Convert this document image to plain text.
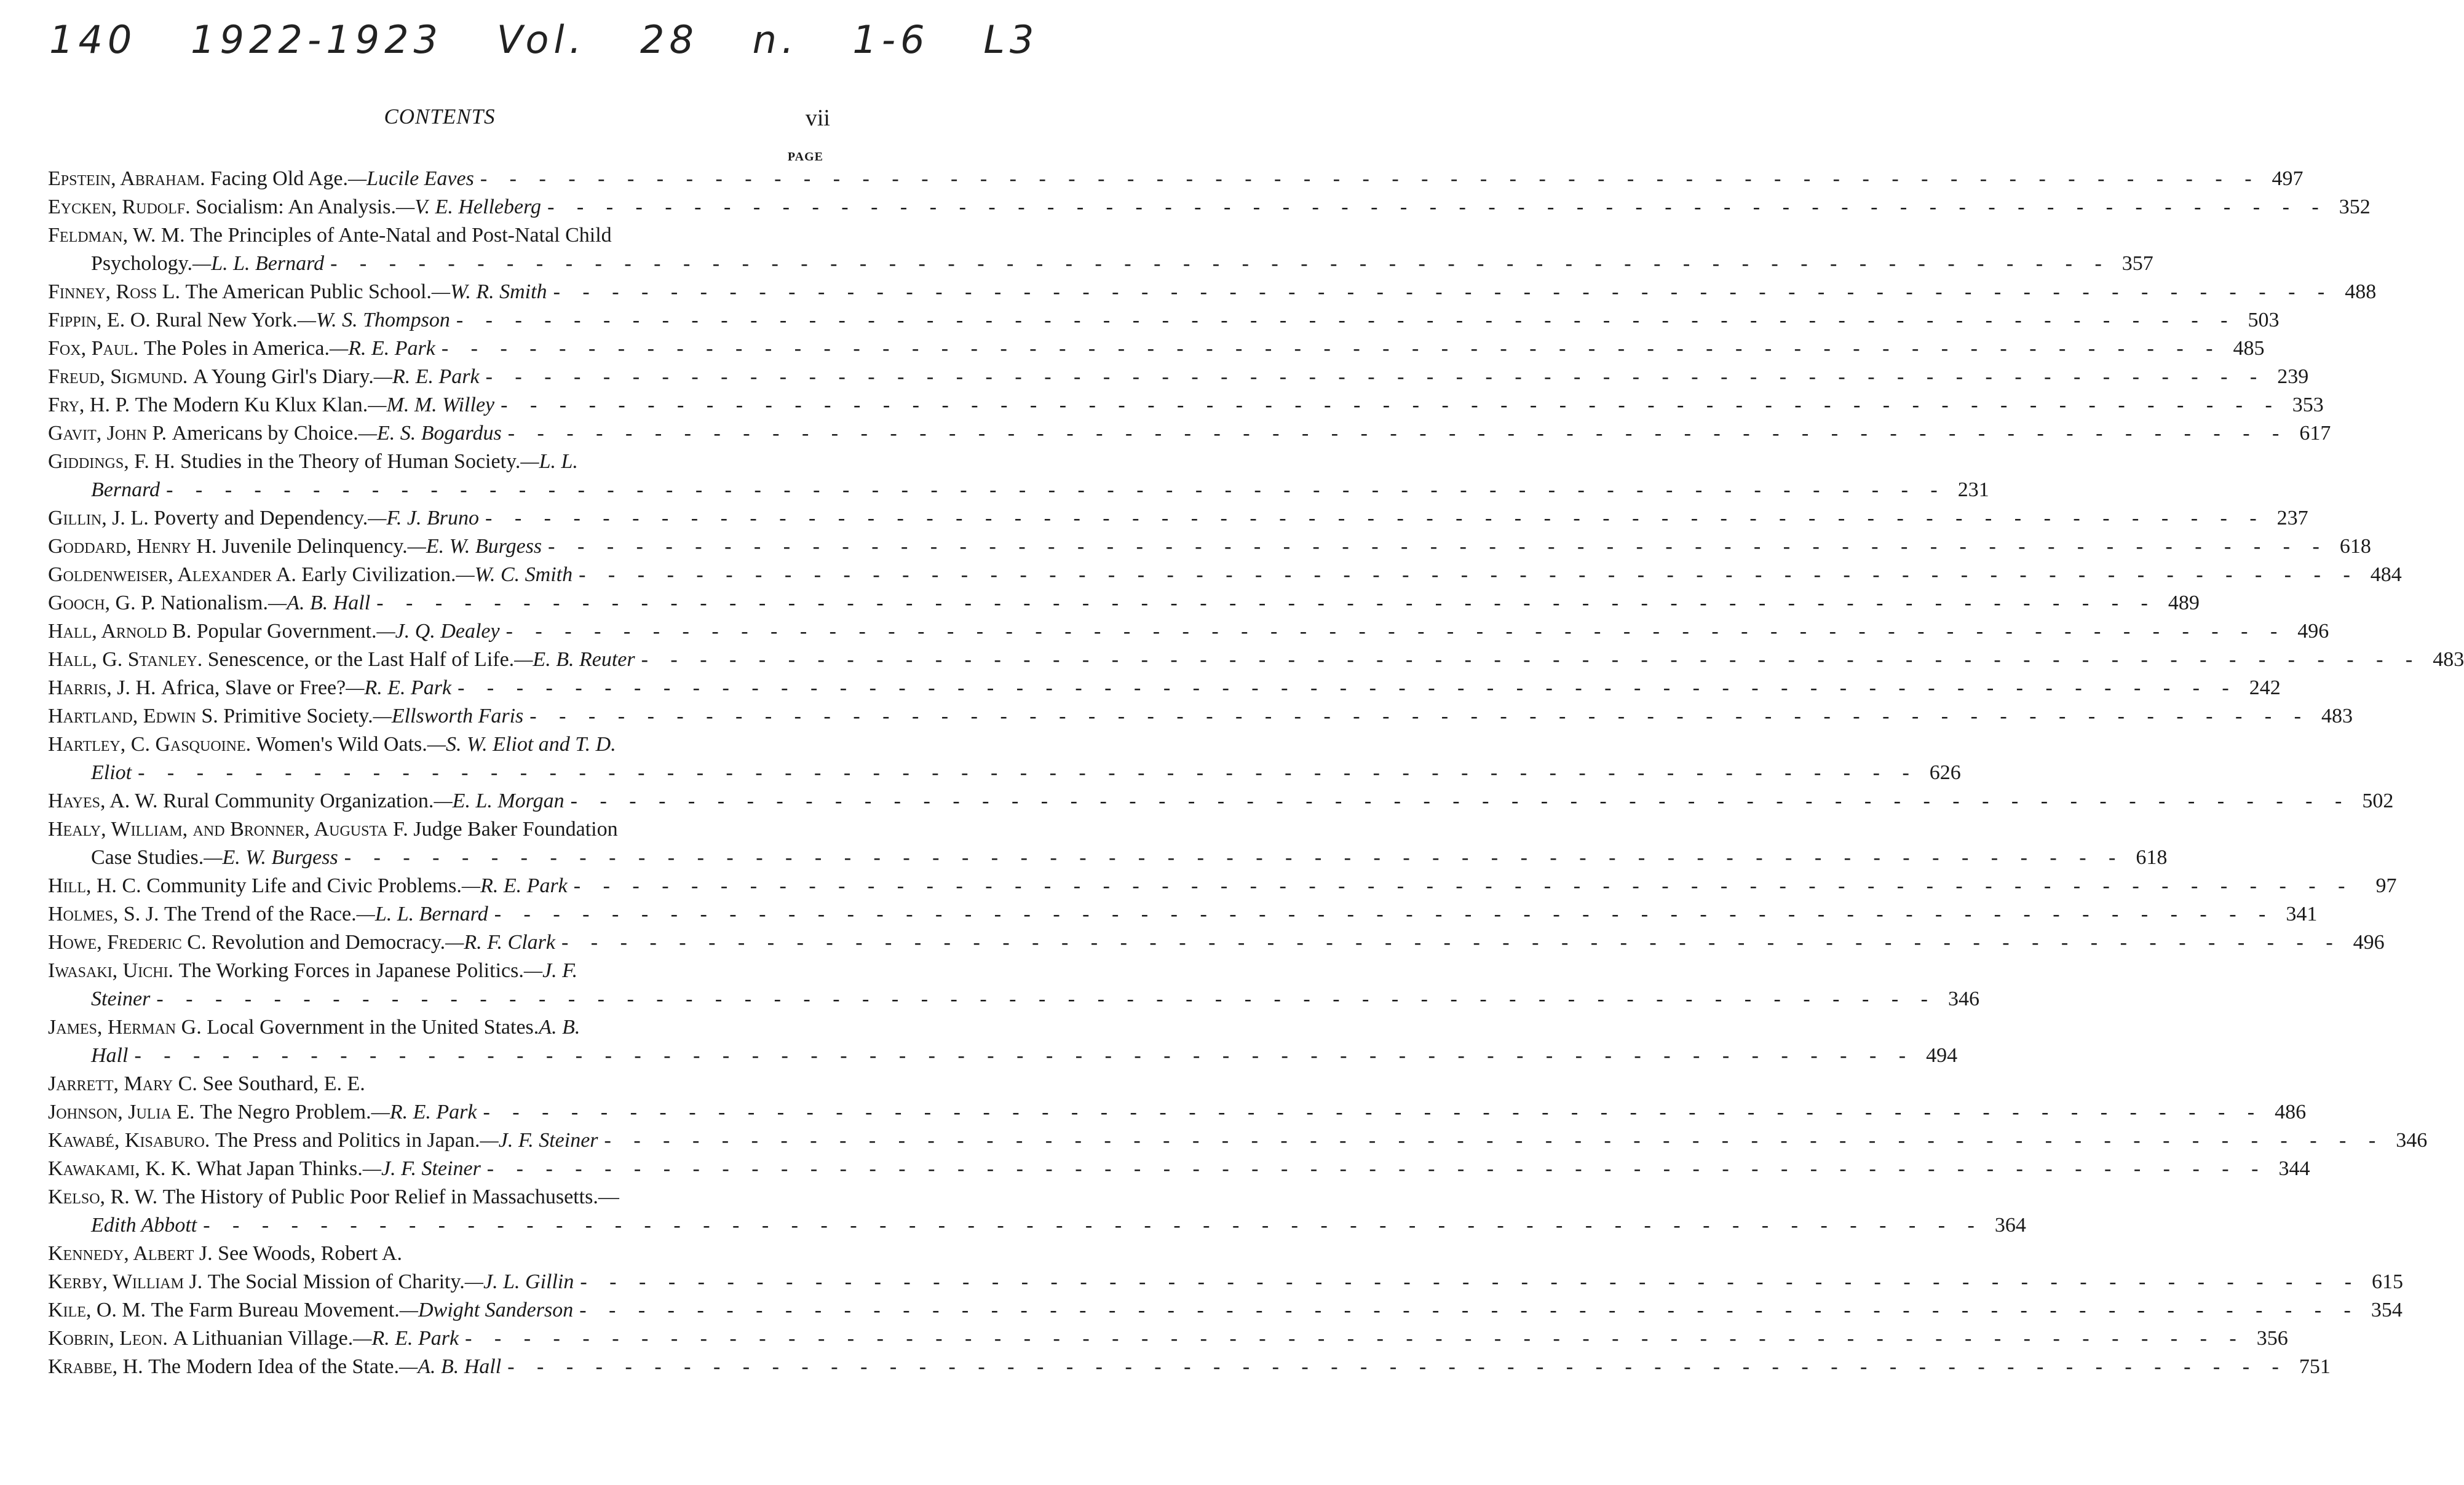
140 1922-1923 Vol. 28 n. 1-6 L3
CONTENTS	vii
PAGE
Epstein, Abraham.
Facing Old Age. —Lucile Eaves - - -	497
Eycken, Rudolf.
Socialism: An Analysis. —V. E. Helleberg - - -	352
Feldman, W. M.
The Principles of Ante-Natal and Post-Natal Child
Psychology. —L. L. Bernard - - -	357
Finney, Ross L.
The American Public School. —W. R. Smith - - -	488
Fippin, E. O.
Rural New York. —W. S. Thompson - - -	503
Fox, Paul.
The Poles in America. —R. E. Park - - -	485
Freud, Sigmund.
A Young Girl's Diary. —R. E. Park - - -	239
Fry, H. P.
The Modern Ku Klux Klan. —M. M. Willey - - -	353
Gavit, John P.
Americans by Choice. —E. S. Bogardus - - -	617
Giddings, F. H.
Studies in the Theory of Human Society. —L. L.
Bernard - - -	231
Gillin, J. L.
Poverty and Dependency. —F. J. Bruno - - -	237
Goddard, Henry H.
Juvenile Delinquency. —E. W. Burgess - - -	618
Goldenweiser, Alexander A.
Early Civilization. —W. C. Smith - - -	484
Gooch, G. P.
Nationalism. —A. B. Hall - - -	489
Hall, Arnold B.
Popular Government. —J. Q. Dealey - - -	496
Hall, G. Stanley.
Senescence, or the Last Half of Life. —E. B. Reuter - - -	483
Harris, J. H.
Africa, Slave or Free? —R. E. Park - - -	242
Hartland, Edwin S.
Primitive Society. —Ellsworth Faris - - -	483
Hartley, C. Gasquoine.
Women's Wild Oats. —S. W. Eliot and T. D.
Eliot - - -	626
Hayes, A. W.
Rural Community Organization. —E. L. Morgan - - -	502
Healy, William, and Bronner, Augusta F.
Judge Baker Foundation
Case Studies. —E. W. Burgess - - -	618
Hill, H. C.
Community Life and Civic Problems. —R. E. Park - - -	97
Holmes, S. J.
The Trend of the Race. —L. L. Bernard - - -	341
Howe, Frederic C.
Revolution and Democracy. —R. F. Clark - - -	496
Iwasaki, Uichi.
The Working Forces in Japanese Politics. —J. F.
Steiner - - -	346
James, Herman G.
Local Government in the United States. A. B.
Hall - - -	494
Jarrett, Mary C.
See Southard, E. E.
Johnson, Julia E.
The Negro Problem. —R. E. Park - - -	486
Kawabé, Kisaburo.
The Press and Politics in Japan. —J. F. Steiner - - -	346
Kawakami, K. K.
What Japan Thinks. —J. F. Steiner - - -	344
Kelso, R. W.
The History of Public Poor Relief in Massachusetts.—
Edith Abbott - - -	364
Kennedy, Albert J.
See Woods, Robert A.
Kerby, William J.
The Social Mission of Charity. —J. L. Gillin - - -	615
Kile, O. M.
The Farm Bureau Movement. —Dwight Sanderson - - -	354
Kobrin, Leon.
A Lithuanian Village. —R. E. Park - - -	356
Krabbe, H.
The Modern Idea of the State. —A. B. Hall - - -	751
